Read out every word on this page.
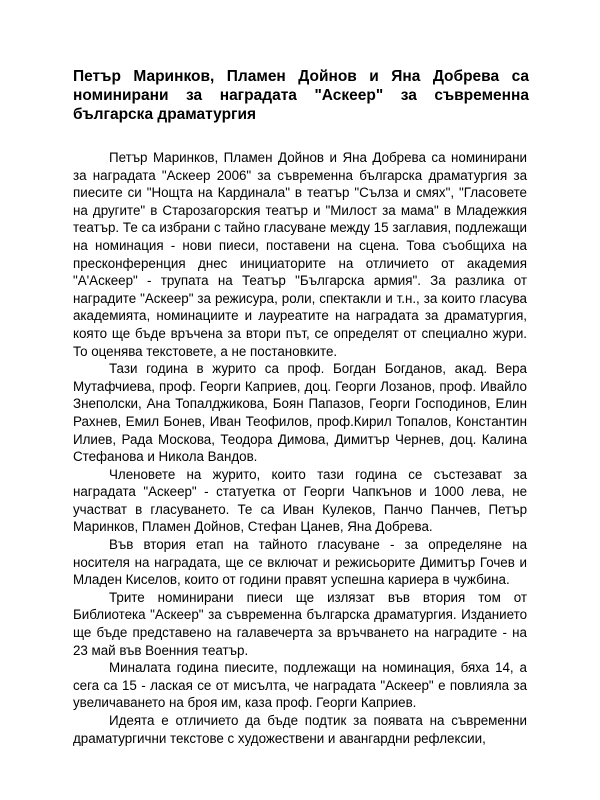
Петър Маринков, Пламен Дойнов и Яна Добрева са номинирани за наградата "Аскеер" за съвременна българска драматургия

Петър Маринков, Пламен Дойнов и Яна Добрева са номинирани за наградата "Аскеер 2006" за съвременна българска драматургия за пиесите си "Нощта на Кардинала" в театър "Сълза и смях", "Гласовете на другите" в Старозагорския театър и "Милост за мама" в Младежкия театър. Те са избрани с тайно гласуване между 15 заглавия, подлежащи на номинация - нови пиеси, поставени на сцена. Това съобщиха на пресконференция днес инициаторите на отличието от академия "А'Аскеер" - трупата на Театър "Българска армия". За разлика от наградите "Аскеер" за режисура, роли, спектакли и т.н., за които гласува академията, номинациите и лауреатите на наградата за драматургия, която ще бъде връчена за втори път, се определят от специално жури. То оценява текстовете, а не постановките.

Тази година в журито са проф. Богдан Богданов, акад. Вера Мутафчиева, проф. Георги Каприев, доц. Георги Лозанов, проф. Ивайло Знеполски, Ана Топалджикова, Боян Папазов, Георги Господинов, Елин Рахнев, Емил Бонев, Иван Теофилов, проф.Кирил Топалов, Константин Илиев, Рада Москова, Теодора Димова, Димитър Чернев, доц. Калина Стефанова и Никола Вандов.

Членовете на журито, които тази година се състезават за наградата "Аскеер" - статуетка от Георги Чапкънов и 1000 лева, не участват в гласуването. Те са Иван Кулеков, Панчо Панчев, Петър Маринков, Пламен Дойнов, Стефан Цанев, Яна Добрева.

Във втория етап на тайното гласуване - за определяне на носителя на наградата, ще се включат и режисьорите Димитър Гочев и Младен Киселов, които от години правят успешна кариера в чужбина.

Трите номинирани пиеси ще излязат във втория том от Библиотека "Аскеер" за съвременна българска драматургия. Изданието ще бъде представено на галавечерта за връчването на наградите - на 23 май във Военния театър.

Миналата година пиесите, подлежащи на номинация, бяха 14, а сега са 15 - лаская се от мисълта, че наградата "Аскеер" е повлияла за увеличаването на броя им, каза проф. Георги Каприев.

Идеята е отличието да бъде подтик за появата на съвременни драматургични текстове с художествени и авангардни рефлексии,
